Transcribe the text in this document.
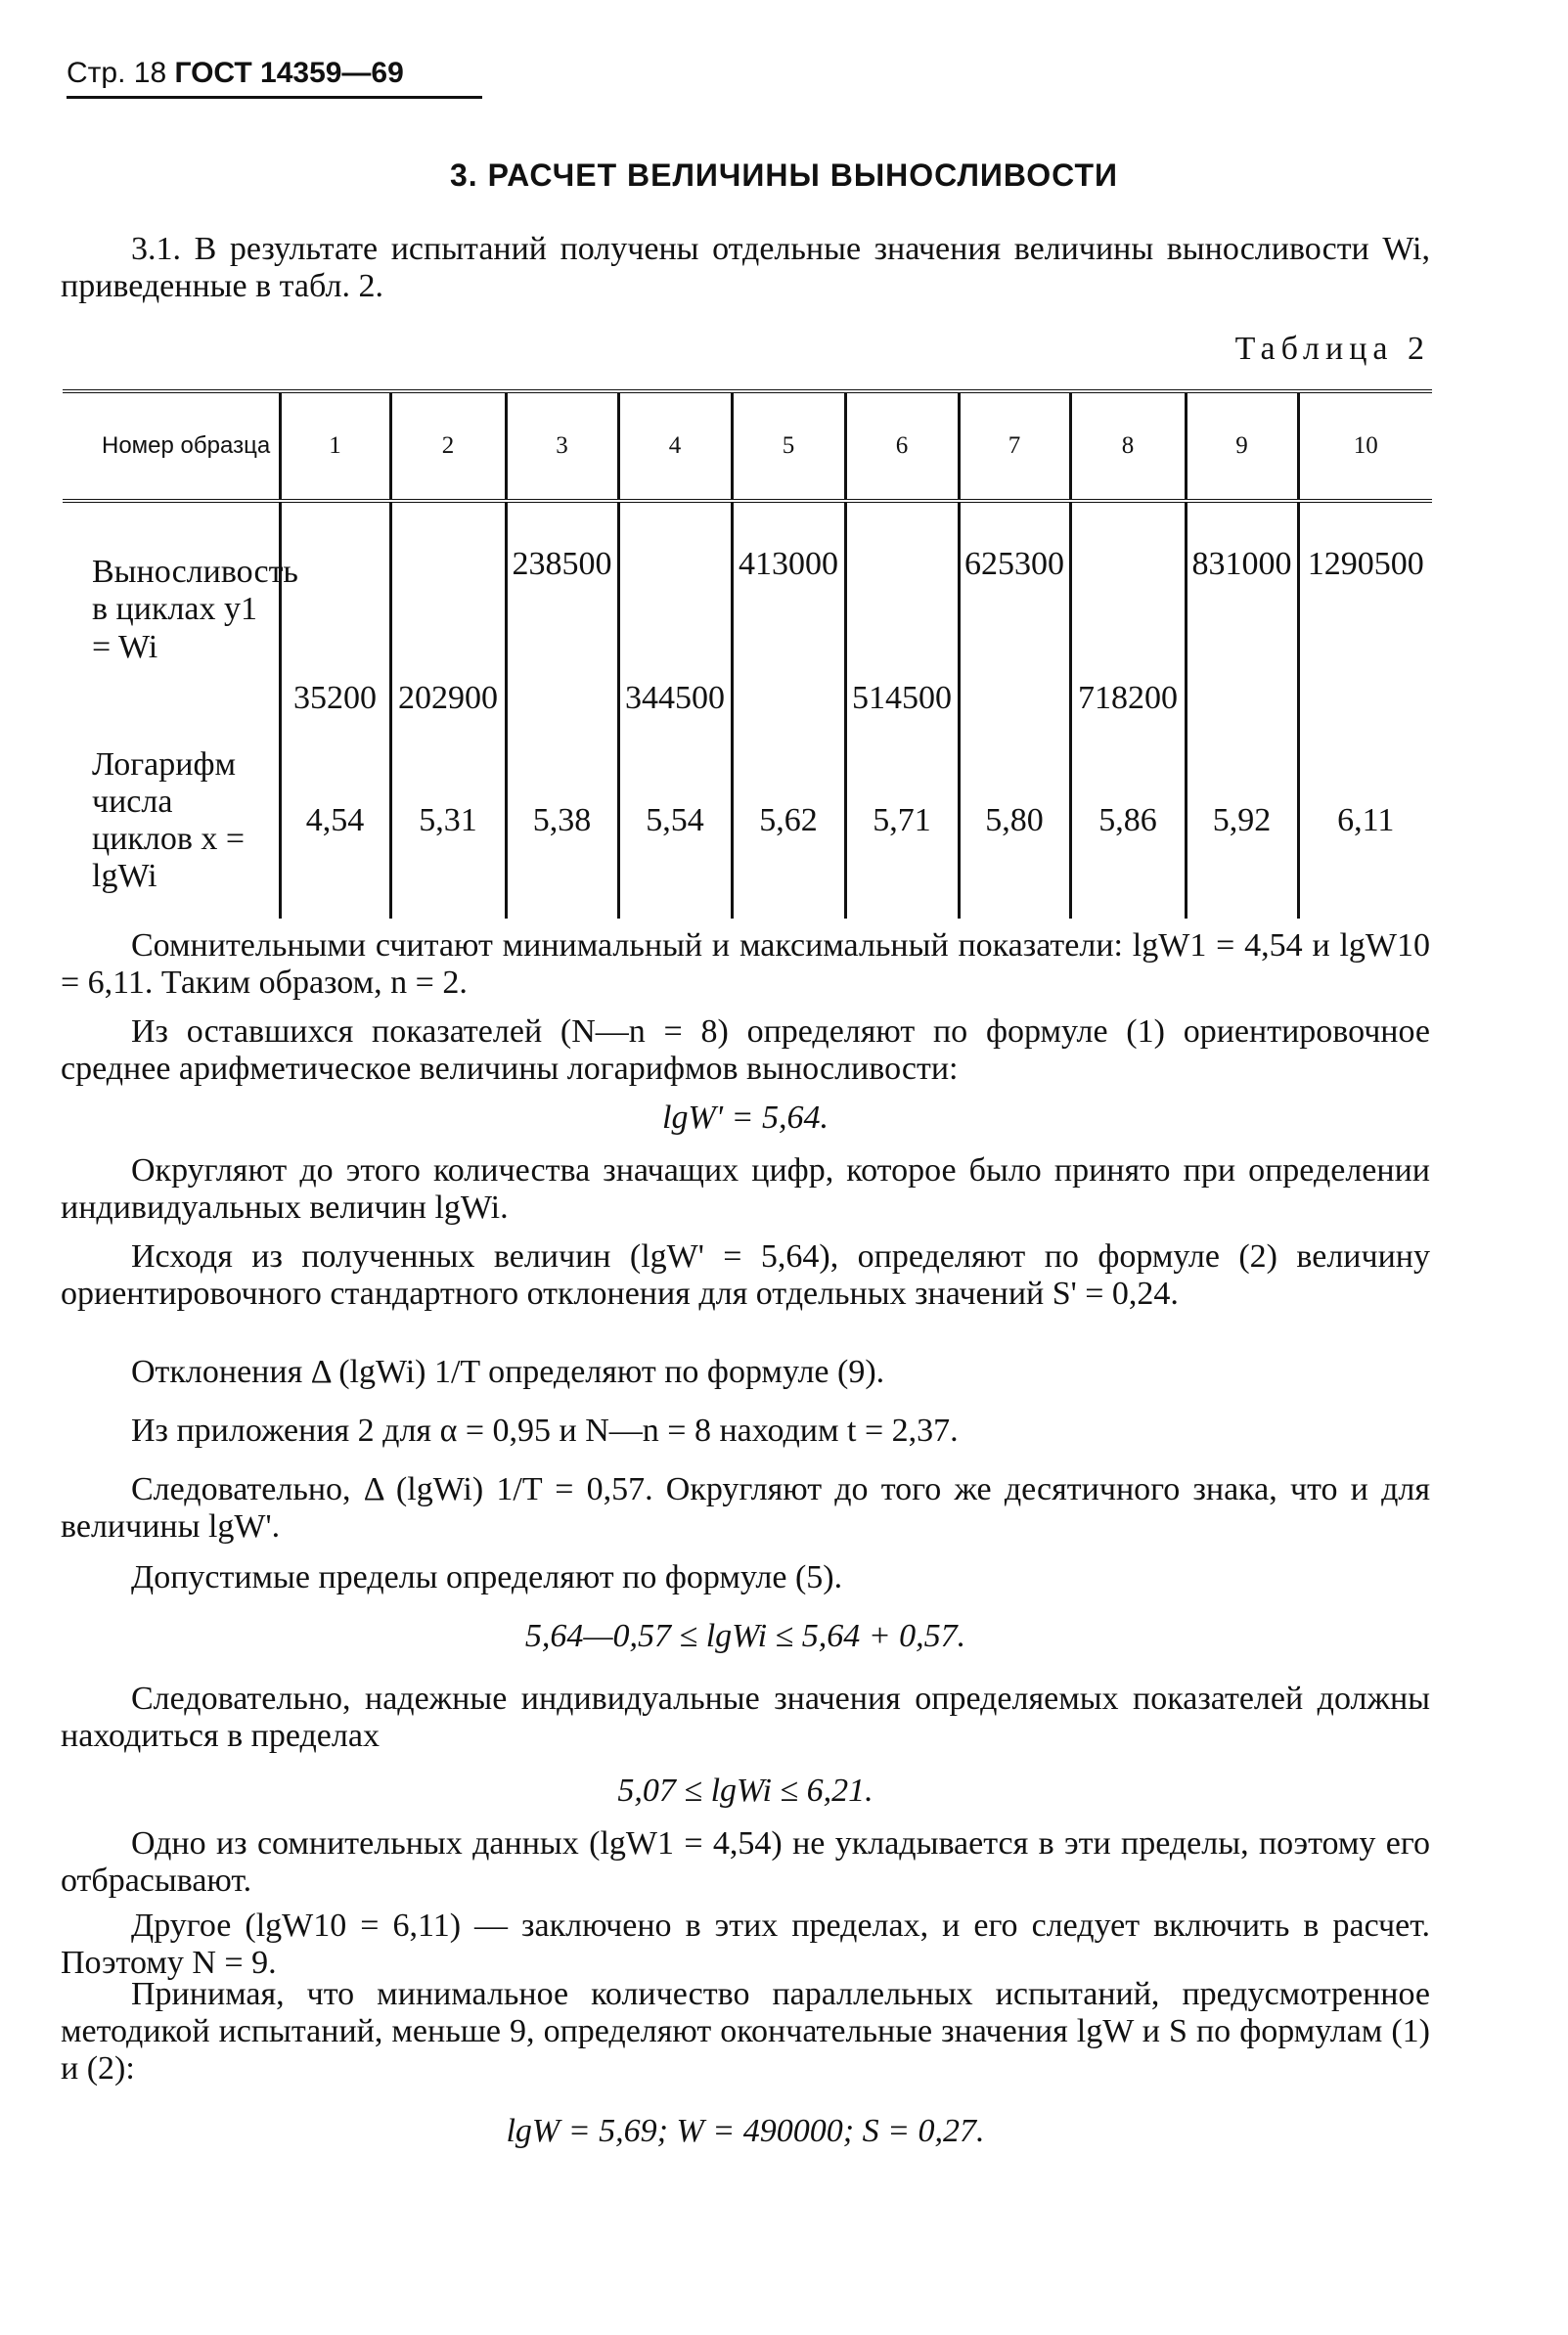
Стр. 18 ГОСТ 14359—69
3. РАСЧЕТ ВЕЛИЧИНЫ ВЫНОСЛИВОСТИ
3.1. В результате испытаний получены отдельные значения величины выносливости Wi, приведенные в табл. 2.
Таблица 2
Номер образца	1	2	3	4	5	6	7	8	9	10
Выносливость в циклах y1 = Wi	35200	202900	238500	344500	413000	514500	625300	718200	831000	1290500
Логарифм числа циклов x = lgWi	4,54	5,31	5,38	5,54	5,62	5,71	5,80	5,86	5,92	6,11
Сомнительными считают минимальный и максимальный показатели: lgW1 = 4,54 и lgW10 = 6,11. Таким образом, n = 2.
Из оставшихся показателей (N—n = 8) определяют по формуле (1) ориентировочное среднее арифметическое величины логарифмов выносливости:
lgW' = 5,64.
Округляют до этого количества значащих цифр, которое было принято при определении индивидуальных величин lgWi.
Исходя из полученных величин (lgW' = 5,64), определяют по формуле (2) величину ориентировочного стандартного отклонения для отдельных значений S' = 0,24.
Отклонения Δ (lgWi) 1/T определяют по формуле (9).
Из приложения 2 для α = 0,95 и N—n = 8 находим t = 2,37.
Следовательно, Δ (lgWi) 1/T = 0,57. Округляют до того же десятичного знака, что и для величины lgW'.
Допустимые пределы определяют по формуле (5).
5,64—0,57 ≤ lgWi ≤ 5,64 + 0,57.
Следовательно, надежные индивидуальные значения определяемых показателей должны находиться в пределах
5,07 ≤ lgWi ≤ 6,21.
Одно из сомнительных данных (lgW1 = 4,54) не укладывается в эти пределы, поэтому его отбрасывают.
Другое (lgW10 = 6,11) — заключено в этих пределах, и его следует включить в расчет. Поэтому N = 9.
Принимая, что минимальное количество параллельных испытаний, предусмотренное методикой испытаний, меньше 9, определяют окончательные значения lgW и S по формулам (1) и (2):
lgW = 5,69; W = 490000; S = 0,27.
